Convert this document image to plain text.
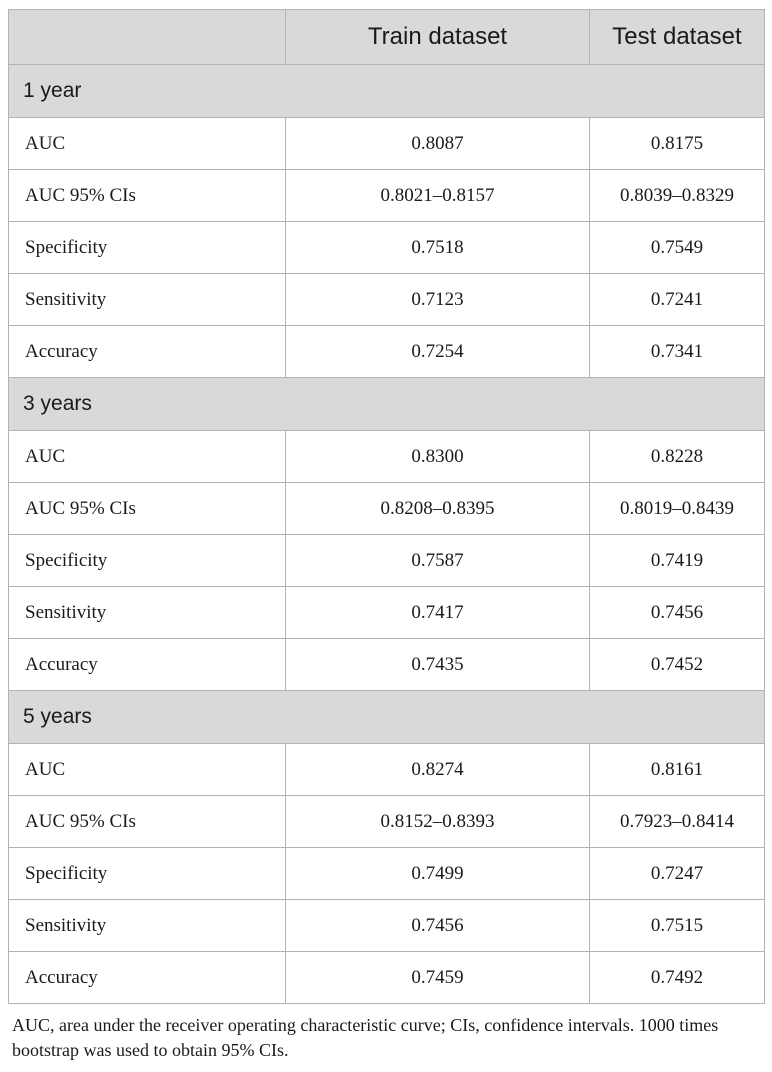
	Train dataset	Test dataset
1 year		
AUC	0.8087	0.8175
AUC 95% CIs	0.8021–0.8157	0.8039–0.8329
Specificity	0.7518	0.7549
Sensitivity	0.7123	0.7241
Accuracy	0.7254	0.7341
3 years		
AUC	0.8300	0.8228
AUC 95% CIs	0.8208–0.8395	0.8019–0.8439
Specificity	0.7587	0.7419
Sensitivity	0.7417	0.7456
Accuracy	0.7435	0.7452
5 years		
AUC	0.8274	0.8161
AUC 95% CIs	0.8152–0.8393	0.7923–0.8414
Specificity	0.7499	0.7247
Sensitivity	0.7456	0.7515
Accuracy	0.7459	0.7492

AUC, area under the receiver operating characteristic curve; CIs, confidence intervals. 1000 times bootstrap was used to obtain 95% CIs.
